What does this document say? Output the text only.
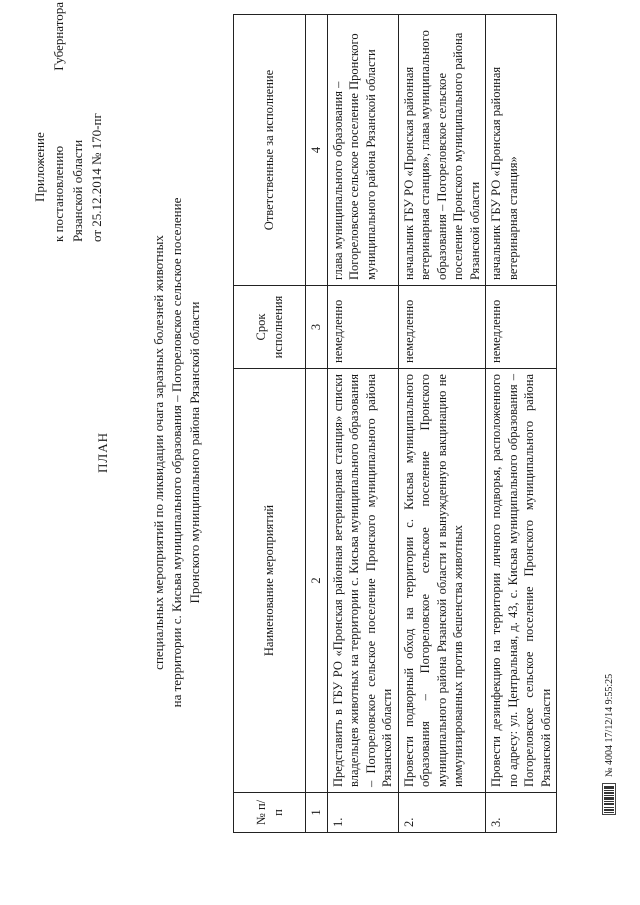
Приложение к постановлению
Губернатора
Рязанской области от 25.12.2014 № 170-пг
ПЛАН	специальных мероприятий по ликвидации очага заразных болезней животных на территории с. Кисьва муниципального образования – Погореловское сельское поселение Пронского муниципального района Рязанской области
№ п/п	Наименование мероприятий	Срок исполнения	Ответственные за исполнение
1	2	3	4
1.	Представить в ГБУ РО «Пронская районная ветеринарная станция» списки владельцев животных на территории с. Кисьва муниципального образования – Погореловское сельское поселение Пронского муниципального района Рязанской области	немедленно	глава муниципального образования – Погореловское сельское поселение Пронского муниципального района Рязанской области
2.	Провести подворный обход на территории с. Кисьва муниципального образования – Погореловское сельское поселение Пронского муниципального района Рязанской области и вынужденную вакцинацию не иммунизированных против бешенства животных	немедленно	начальник ГБУ РО «Пронская районная ветеринарная станция», глава муниципального образования – Погореловское сельское поселение Пронского муниципального района Рязанской области
3.	Провести дезинфекцию на территории личного подворья, расположенного по адресу: ул. Центральная, д. 43, с. Кисьва муниципального образования – Погореловское сельское поселение Пронского муниципального района Рязанской области	немедленно	начальник ГБУ РО «Пронская районная ветеринарная станция»
№ 4004 17/12/14 9:55:25
